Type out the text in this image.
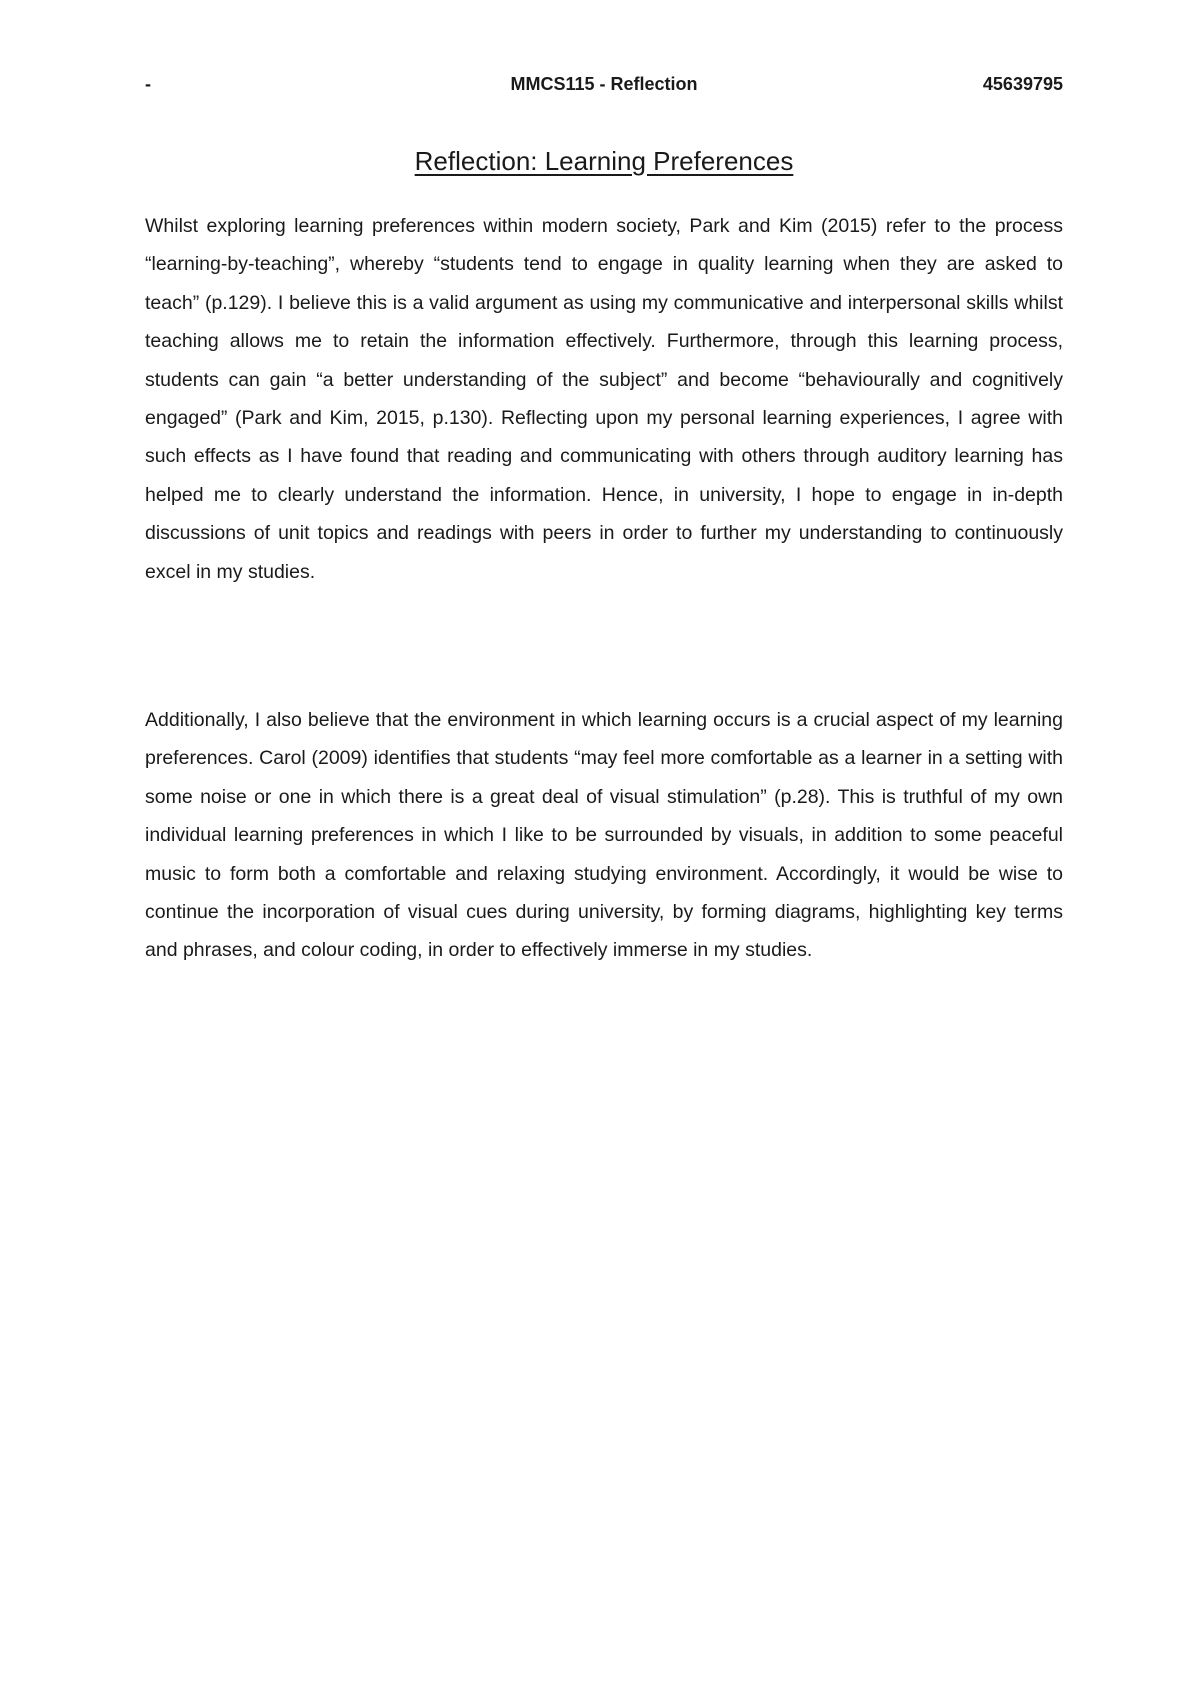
MMCS115 - Reflection
-	45639795
Reflection: Learning Preferences

Whilst exploring learning preferences within modern society, Park and Kim (2015) refer to the process “learning-by-teaching”, whereby “students tend to engage in quality learning when they are asked to teach” (p.129). I believe this is a valid argument as using my communicative and interpersonal skills whilst teaching allows me to retain the information effectively. Furthermore, through this learning process, students can gain “a better understanding of the subject” and become “behaviourally and cognitively engaged” (Park and Kim, 2015, p.130). Reflecting upon my personal learning experiences, I agree with such effects as I have found that reading and communicating with others through auditory learning has helped me to clearly understand the information. Hence, in university, I hope to engage in in-depth discussions of unit topics and readings with peers in order to further my understanding to continuously excel in my studies.

Additionally, I also believe that the environment in which learning occurs is a crucial aspect of my learning preferences. Carol (2009) identifies that students “may feel more comfortable as a learner in a setting with some noise or one in which there is a great deal of visual stimulation” (p.28). This is truthful of my own individual learning preferences in which I like to be surrounded by visuals, in addition to some peaceful music to form both a comfortable and relaxing studying environment. Accordingly, it would be wise to continue the incorporation of visual cues during university, by forming diagrams, highlighting key terms and phrases, and colour coding, in order to effectively immerse in my studies.
